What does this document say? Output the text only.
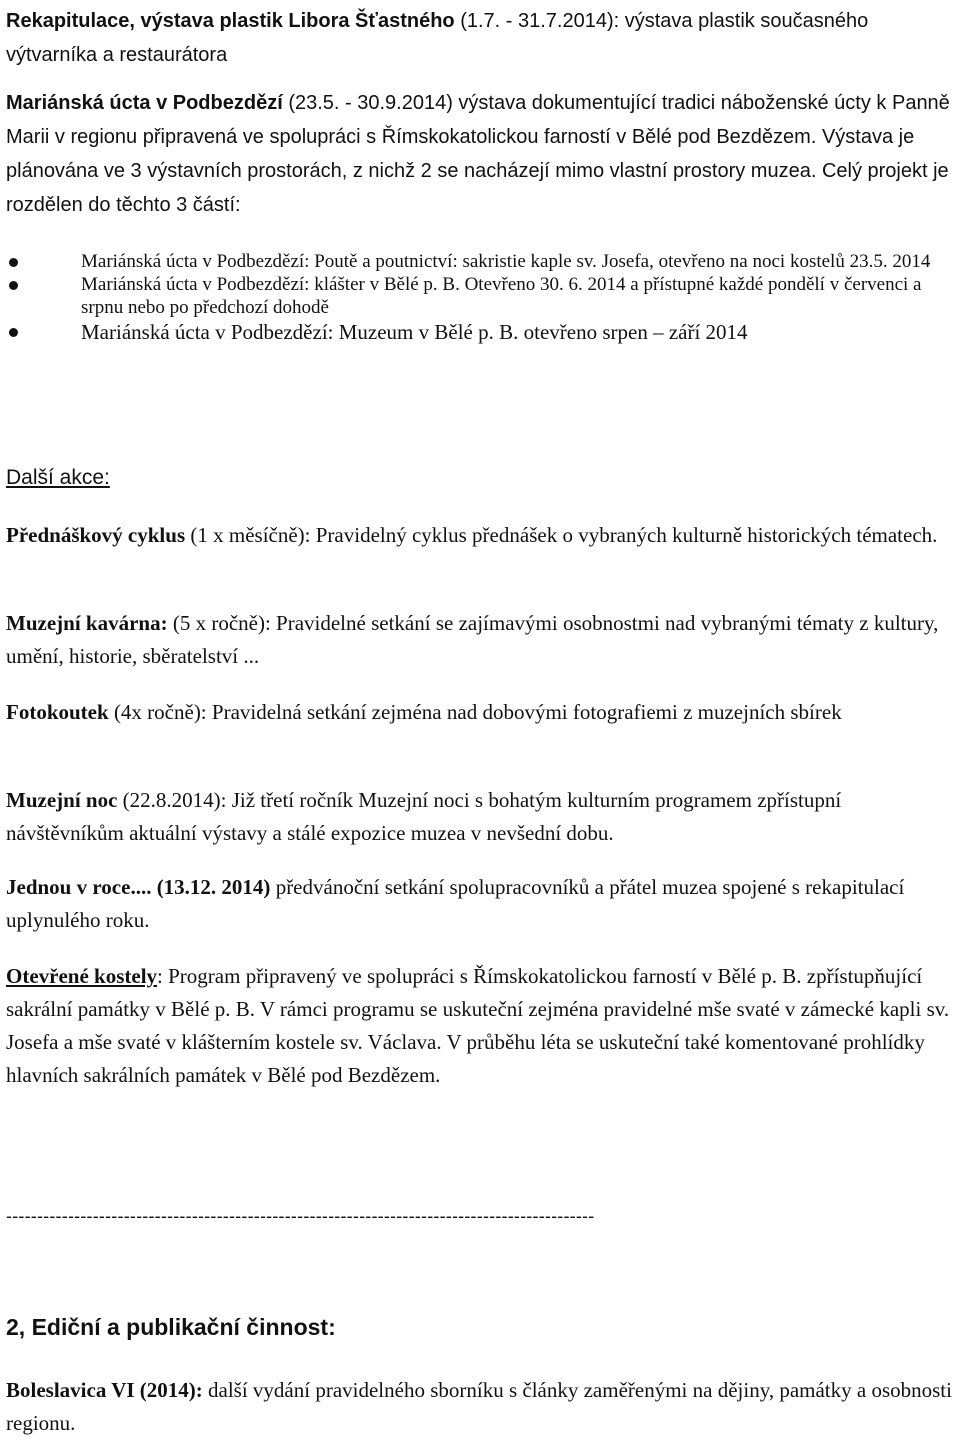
Rekapitulace, výstava plastik Libora Šťastného (1.7. - 31.7.2014): výstava plastik současného výtvarníka a restaurátora

Mariánská úcta v Podbezdězí (23.5. - 30.9.2014) výstava dokumentující tradici náboženské úcty k Panně Marii v regionu připravená ve spolupráci s Římskokatolickou farností v Bělé pod Bezdězem. Výstava je plánována ve 3 výstavních prostorách, z nichž 2 se nacházejí mimo vlastní prostory muzea. Celý projekt je rozdělen do těchto 3 částí:

Mariánská úcta v Podbezdězí: Poutě a poutnictví: sakristie kaple sv. Josefa, otevřeno na noci kostelů 23.5. 2014
Mariánská úcta v Podbezdězí: klášter v Bělé p. B. Otevřeno 30. 6. 2014 a přístupné každé pondělí v červenci a srpnu nebo po předchozí dohodě
Mariánská úcta v Podbezdězí: Muzeum v Bělé p. B. otevřeno srpen – září 2014

Další akce:

Přednáškový cyklus (1 x měsíčně): Pravidelný cyklus přednášek o vybraných kulturně historických tématech.

Muzejní kavárna: (5 x ročně): Pravidelné setkání se zajímavými osobnostmi nad vybranými tématy z kultury, umění, historie, sběratelství ...

Fotokoutek (4x ročně): Pravidelná setkání zejména nad dobovými fotografiemi z muzejních sbírek

Muzejní noc (22.8.2014): Již třetí ročník Muzejní noci s bohatým kulturním programem zpřístupní návštěvníkům aktuální výstavy a stálé expozice muzea v nevšední dobu.

Jednou v roce.... (13.12. 2014) předvánoční setkání spolupracovníků a přátel muzea spojené s rekapitulací uplynulého roku.

Otevřené kostely: Program připravený ve spolupráci s Římskokatolickou farností v Bělé p. B. zpřístupňující sakrální památky v Bělé p. B. V rámci programu se uskuteční zejména pravidelné mše svaté v zámecké kapli sv. Josefa a mše svaté v klášterním kostele sv. Václava. V průběhu léta se uskuteční také komentované prohlídky hlavních sakrálních památek v Bělé pod Bezdězem.

-----------------------------------------------------------------------------------------------

2, Ediční a publikační činnost:

Boleslavica VI (2014): další vydání pravidelného sborníku s články zaměřenými na dějiny, památky a osobnosti regionu.
